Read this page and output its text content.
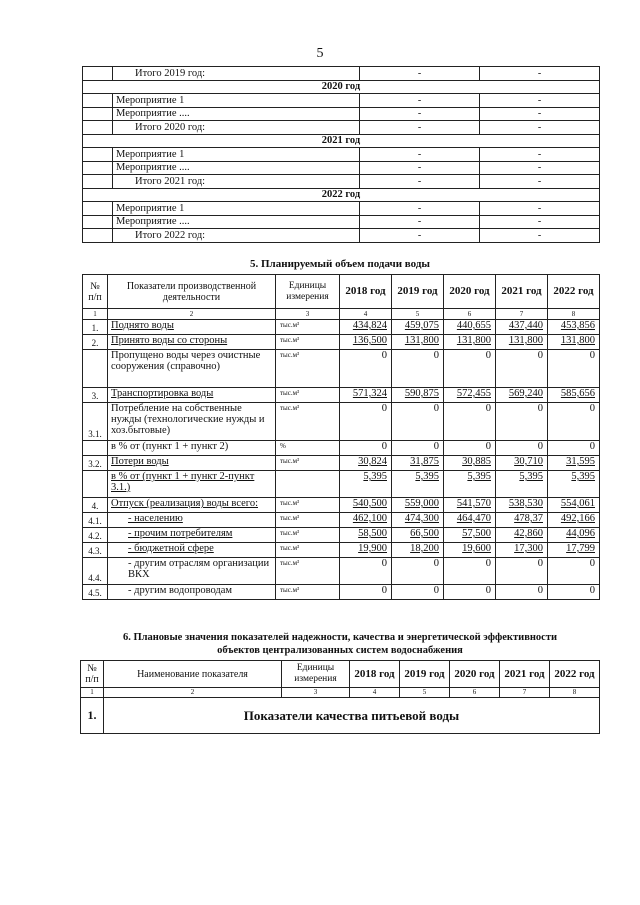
5
	Итого 2019 год:	-	-
2020 год			
	Мероприятие 1	-	-
	Мероприятие ....	-	-
	Итого 2020 год:	-	-
2021 год			
	Мероприятие 1	-	-
	Мероприятие ....	-	-
	Итого 2021 год:	-	-
2022 год			
	Мероприятие 1	-	-
	Мероприятие ....	-	-
	Итого 2022 год:	-	-
5. Планируемый объем подачи воды
№ п/п	Показатели производственной деятельности	Единицы измерения	2018 год	2019 год	2020 год	2021 год	2022 год
1	2	3	4	5	6	7	8
1.	Поднято воды	тыс.м³	434,824	459,075	440,655	437,440	453,856
2.	Принято воды со стороны	тыс.м³	136,500	131,800	131,800	131,800	131,800
	Пропущено воды через очистные сооружения (справочно)	тыс.м³	0	0	0	0	0
3.	Транспортировка воды	тыс.м³	571,324	590,875	572,455	569,240	585,656
3.1.	Потребление на собственные нужды (технологические нужды и хоз.бытовые)	тыс.м³	0	0	0	0	0
	в % от (пункт 1 + пункт 2)	%	0	0	0	0	0
3.2.	Потери воды	тыс.м³	30,824	31,875	30,885	30,710	31,595
	в % от (пункт 1 + пункт 2-пункт 3.1.)		5,395	5,395	5,395	5,395	5,395
4.	Отпуск (реализация) воды всего:	тыс.м³	540,500	559,000	541,570	538,530	554,061
4.1.	- населению	тыс.м³	462,100	474,300	464,470	478,37	492,166
4.2.	- прочим потребителям	тыс.м³	58,500	66,500	57,500	42,860	44,096
4.3.	- бюджетной сфере	тыс.м³	19,900	18,200	19,600	17,300	17,799
4.4.	- другим отраслям организации ВКХ	тыс.м³	0	0	0	0	0
4.5.	- другим водопроводам	тыс.м³	0	0	0	0	0
6. Плановые значения показателей надежности, качества и энергетической эффективности
объектов централизованных систем водоснабжения
№ п/п	Наименование показателя	Единицы измерения	2018 год	2019 год	2020 год	2021 год	2022 год
1	2	3	4	5	6	7	8
1.	Показатели качества питьевой воды						
